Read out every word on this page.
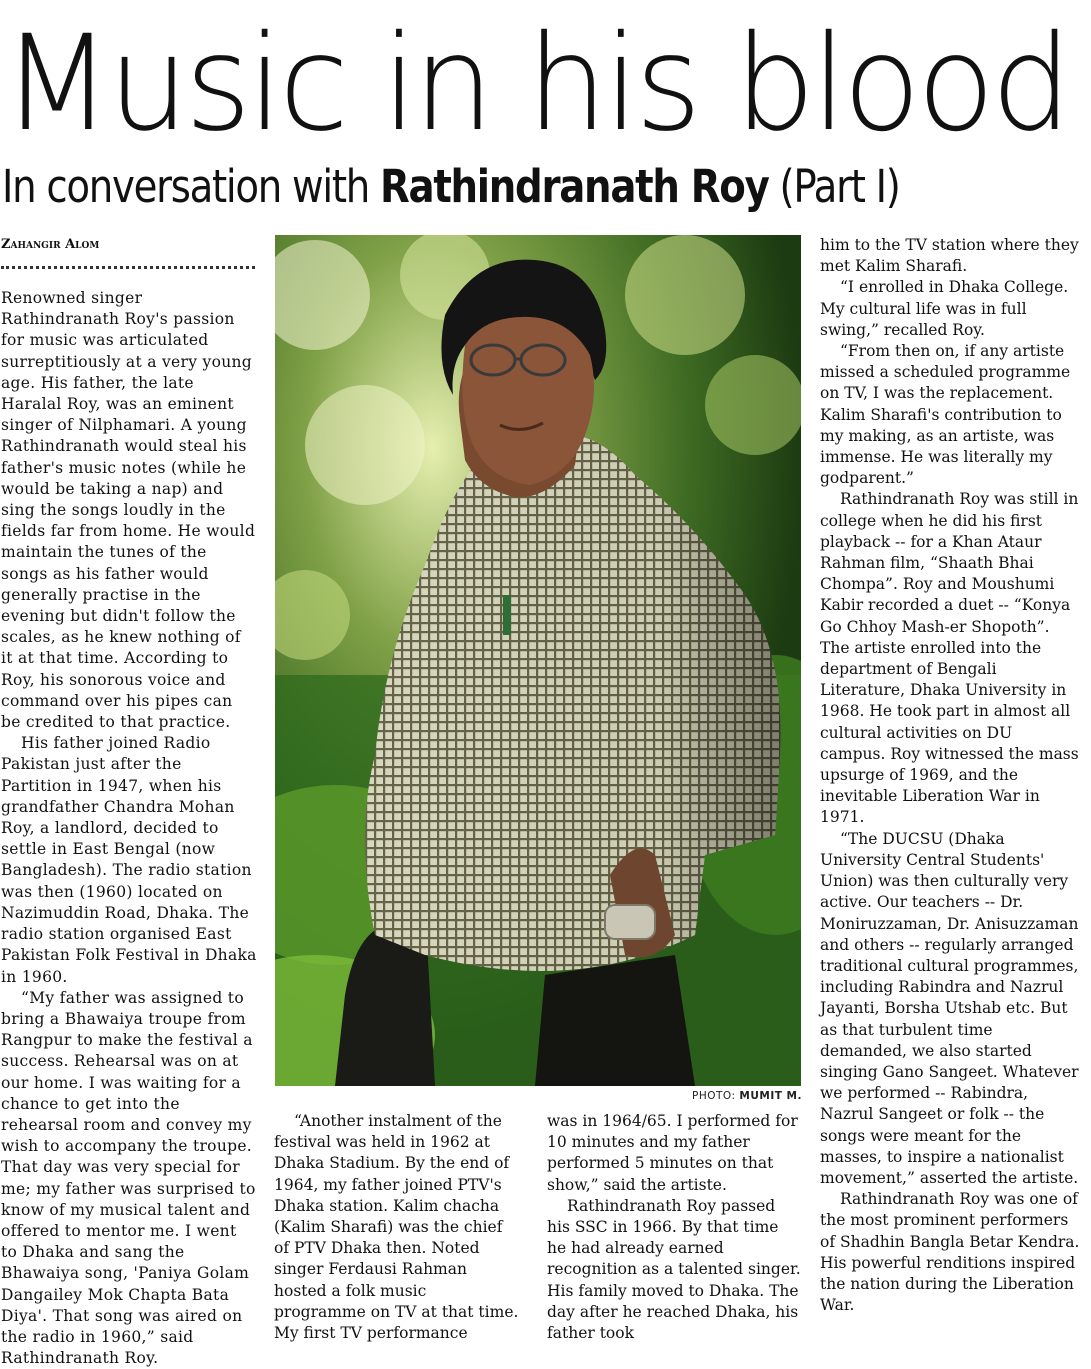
Music in his blood
In conversation with Rathindranath Roy (Part I)
Zahangir Alom

Renowned singer Rathindranath Roy's passion for music was articulated surreptitiously at a very young age. His father, the late Haralal Roy, was an eminent singer of Nilphamari. A young Rathindranath would steal his father's music notes (while he would be taking a nap) and sing the songs loudly in the fields far from home. He would maintain the tunes of the songs as his father would generally practise in the evening but didn't follow the scales, as he knew nothing of it at that time. According to Roy, his sonorous voice and command over his pipes can be credited to that practice.

His father joined Radio Pakistan just after the Partition in 1947, when his grandfather Chandra Mohan Roy, a landlord, decided to settle in East Bengal (now Bangladesh). The radio station was then (1960) located on Nazimuddin Road, Dhaka. The radio station organised East Pakistan Folk Festival in Dhaka in 1960.

“My father was assigned to bring a Bhawaiya troupe from Rangpur to make the festival a success. Rehearsal was on at our home. I was waiting for a chance to get into the rehearsal room and convey my wish to accompany the troupe. That day was very special for me; my father was surprised to know of my musical talent and offered to mentor me. I went to Dhaka and sang the Bhawaiya song, 'Paniya Golam Dangailey Mok Chapta Bata Diya'. That song was aired on the radio in 1960,” said Rathindranath Roy.

PHOTO: MUMIT M.

“Another instalment of the festival was held in 1962 at Dhaka Stadium. By the end of 1964, my father joined PTV's Dhaka station. Kalim chacha (Kalim Sharafi) was the chief of PTV Dhaka then. Noted singer Ferdausi Rahman hosted a folk music programme on TV at that time. My first TV performance

was in 1964/65. I performed for 10 minutes and my father performed 5 minutes on that show,” said the artiste.

Rathindranath Roy passed his SSC in 1966. By that time he had already earned recognition as a talented singer. His family moved to Dhaka. The day after he reached Dhaka, his father took

him to the TV station where they met Kalim Sharafi.

“I enrolled in Dhaka College. My cultural life was in full swing,” recalled Roy.

“From then on, if any artiste missed a scheduled programme on TV, I was the replacement. Kalim Sharafi's contribution to my making, as an artiste, was immense. He was literally my godparent.”

Rathindranath Roy was still in college when he did his first playback -- for a Khan Ataur Rahman film, “Shaath Bhai Chompa”. Roy and Moushumi Kabir recorded a duet -- “Konya Go Chhoy Mash-er Shopoth”. The artiste enrolled into the department of Bengali Literature, Dhaka University in 1968. He took part in almost all cultural activities on DU campus. Roy witnessed the mass upsurge of 1969, and the inevitable Liberation War in 1971.

“The DUCSU (Dhaka University Central Students' Union) was then culturally very active. Our teachers -- Dr. Moniruzzaman, Dr. Anisuzzaman and others -- regularly arranged traditional cultural programmes, including Rabindra and Nazrul Jayanti, Borsha Utshab etc. But as that turbulent time demanded, we also started singing Gano Sangeet. Whatever we performed -- Rabindra, Nazrul Sangeet or folk -- the songs were meant for the masses, to inspire a nationalist movement,” asserted the artiste.

Rathindranath Roy was one of the most prominent performers of Shadhin Bangla Betar Kendra. His powerful renditions inspired the nation during the Liberation War.
